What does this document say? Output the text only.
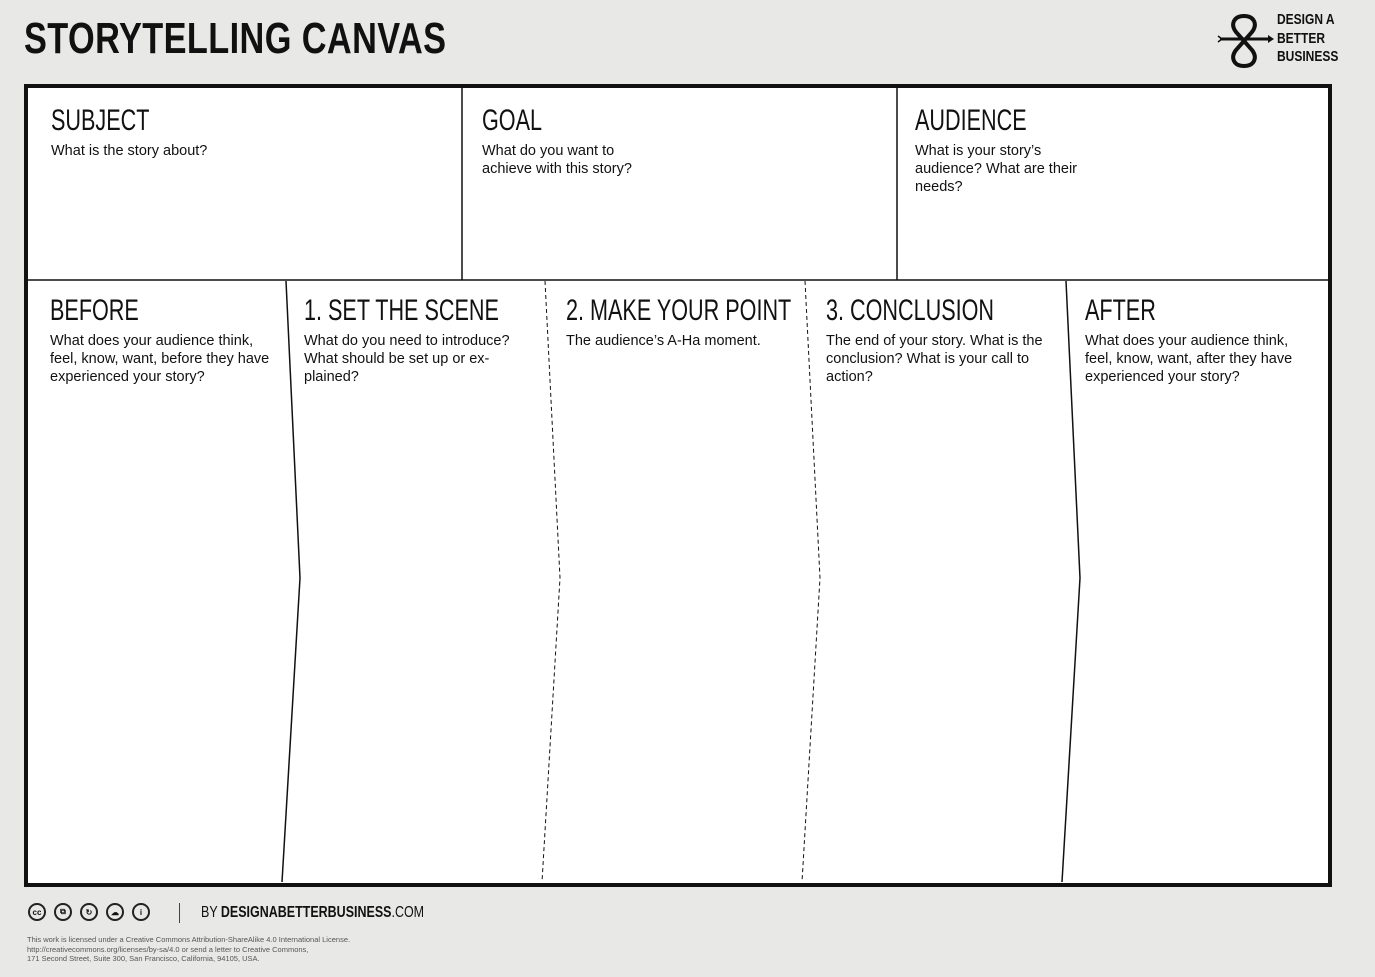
STORYTELLING CANVAS	DESIGN A
BETTER
BUSINESS
SUBJECT

What is the story about?

GOAL

What do you want to achieve with this story?

AUDIENCE

What is your story’s audience? What are their needs?

BEFORE

What does your audience think, feel, know, want, before they have experienced your story?

1. SET THE SCENE

What do you need to introduce? What should be set up or ex-plained?

2. MAKE YOUR POINT

The audience’s A-Ha moment.

3. CONCLUSION

The end of your story. What is the conclusion? What is your call to action?

AFTER

What does your audience think, feel, know, want, after they have experienced your story?

cc	⧉	↻	☁	i	BY DESIGNABETTERBUSINESS.COM
This work is licensed under a Creative Commons Attribution-ShareAlike 4.0 International License.
http://creativecommons.org/licenses/by-sa/4.0 or send a letter to Creative Commons,
171 Second Street, Suite 300, San Francisco, California, 94105, USA.
